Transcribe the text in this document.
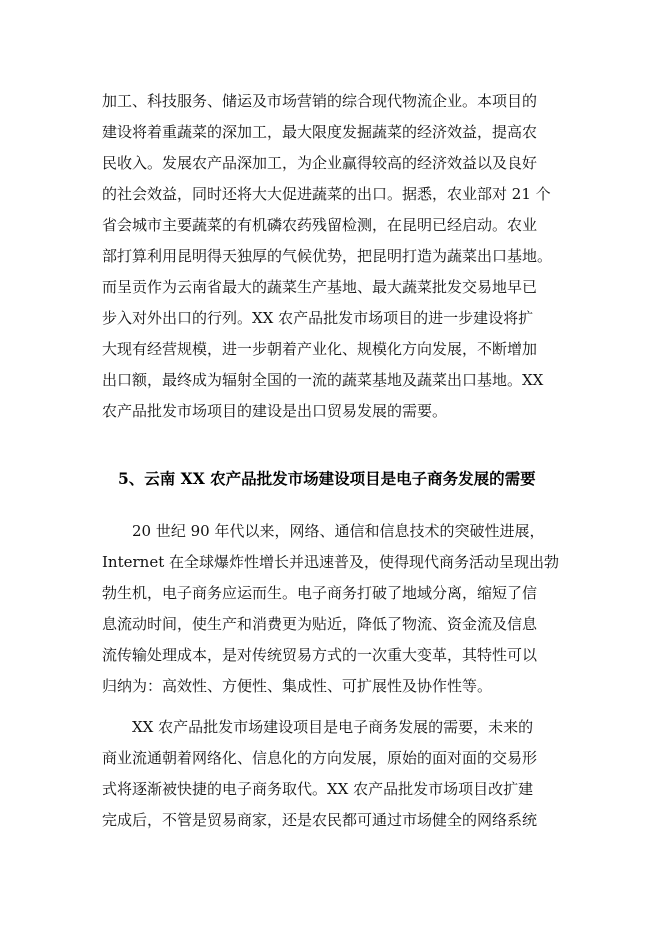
加工、科技服务、储运及市场营销的综合现代物流企业。本项目的
建设将着重蔬菜的深加工，最大限度发掘蔬菜的经济效益，提高农
民收入。发展农产品深加工，为企业赢得较高的经济效益以及良好
的社会效益，同时还将大大促进蔬菜的出口。据悉，农业部对 21 个
省会城市主要蔬菜的有机磷农药残留检测，在昆明已经启动。农业
部打算利用昆明得天独厚的气候优势，把昆明打造为蔬菜出口基地。
而呈贡作为云南省最大的蔬菜生产基地、最大蔬菜批发交易地早已
步入对外出口的行列。XX 农产品批发市场项目的进一步建设将扩
大现有经营规模，进一步朝着产业化、规模化方向发展，不断增加
出口额，最终成为辐射全国的一流的蔬菜基地及蔬菜出口基地。XX
农产品批发市场项目的建设是出口贸易发展的需要。
5、云南 XX 农产品批发市场建设项目是电子商务发展的需要
20 世纪 90 年代以来，网络、通信和信息技术的突破性进展，
Internet 在全球爆炸性增长并迅速普及，使得现代商务活动呈现出勃
勃生机，电子商务应运而生。电子商务打破了地域分离，缩短了信
息流动时间，使生产和消费更为贴近，降低了物流、资金流及信息
流传输处理成本，是对传统贸易方式的一次重大变革，其特性可以
归纳为：高效性、方便性、集成性、可扩展性及协作性等。
XX 农产品批发市场建设项目是电子商务发展的需要，未来的
商业流通朝着网络化、信息化的方向发展，原始的面对面的交易形
式将逐渐被快捷的电子商务取代。XX 农产品批发市场项目改扩建
完成后，不管是贸易商家，还是农民都可通过市场健全的网络系统
